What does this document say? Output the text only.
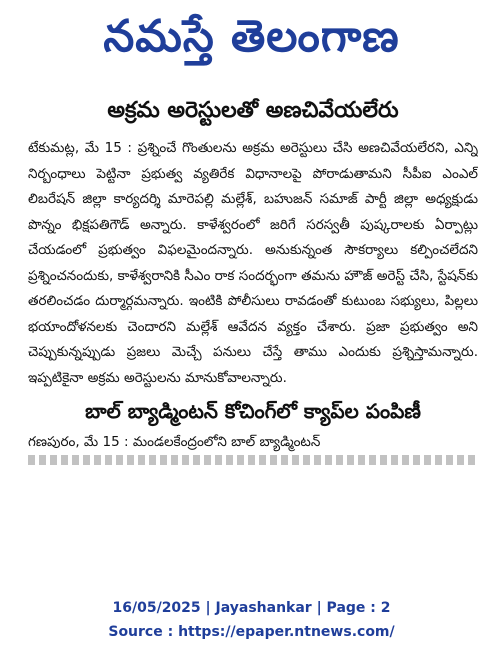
నమస్తే తెలంగాణ
అక్రమ అరెస్టులతో అణచివేయలేరు

టేకుమట్ల, మే 15 : ప్రశ్నించే గొంతులను అక్రమ అరెస్టులు చేసి అణచివేయలేరని, ఎన్ని నిర్బంధాలు పెట్టినా ప్రభుత్వ వ్యతిరేక విధానాలపై పోరాడుతామని సీపీఐ ఎంఎల్ లిబరేషన్ జిల్లా కార్యదర్శి మారెపల్లి మల్లేశ్, బహుజన్ సమాజ్ పార్టీ జిల్లా అధ్యక్షుడు పొన్నం భిక్షపతిగౌడ్ అన్నారు. కాళేశ్వరంలో జరిగే సరస్వతీ పుష్కరాలకు ఏర్పాట్లు చేయడంలో ప్రభుత్వం విఫలమైందన్నారు. అనుకున్నంత సౌకర్యాలు కల్పించలేదని ప్రశ్నించనందుకు, కాళేశ్వరానికి సీఎం రాక సందర్భంగా తమను హౌజ్ అరెస్ట్ చేసి, స్టేషన్‌కు తరలించడం దుర్మార్గమన్నారు. ఇంటికి పోలీసులు రావడంతో కుటుంబ సభ్యులు, పిల్లలు భయాందోళనలకు చెందారని మల్లేశ్ ఆవేదన వ్యక్తం చేశారు. ప్రజా ప్రభుత్వం అని చెప్పుకున్నప్పుడు ప్రజలు మెచ్చే పనులు చేస్తే తాము ఎందుకు ప్రశ్నిస్తామన్నారు. ఇప్పటికైనా అక్రమ అరెస్టులను మానుకోవాలన్నారు.

బాల్ బ్యాడ్మింటన్ కోచింగ్‌లో క్యాప్‌ల పంపిణీ

గణపురం, మే 15 : మండలకేంద్రంలోని బాల్ బ్యాడ్మింటన్

16/05/2025 | Jayashankar | Page : 2
Source : https://epaper.ntnews.com/
